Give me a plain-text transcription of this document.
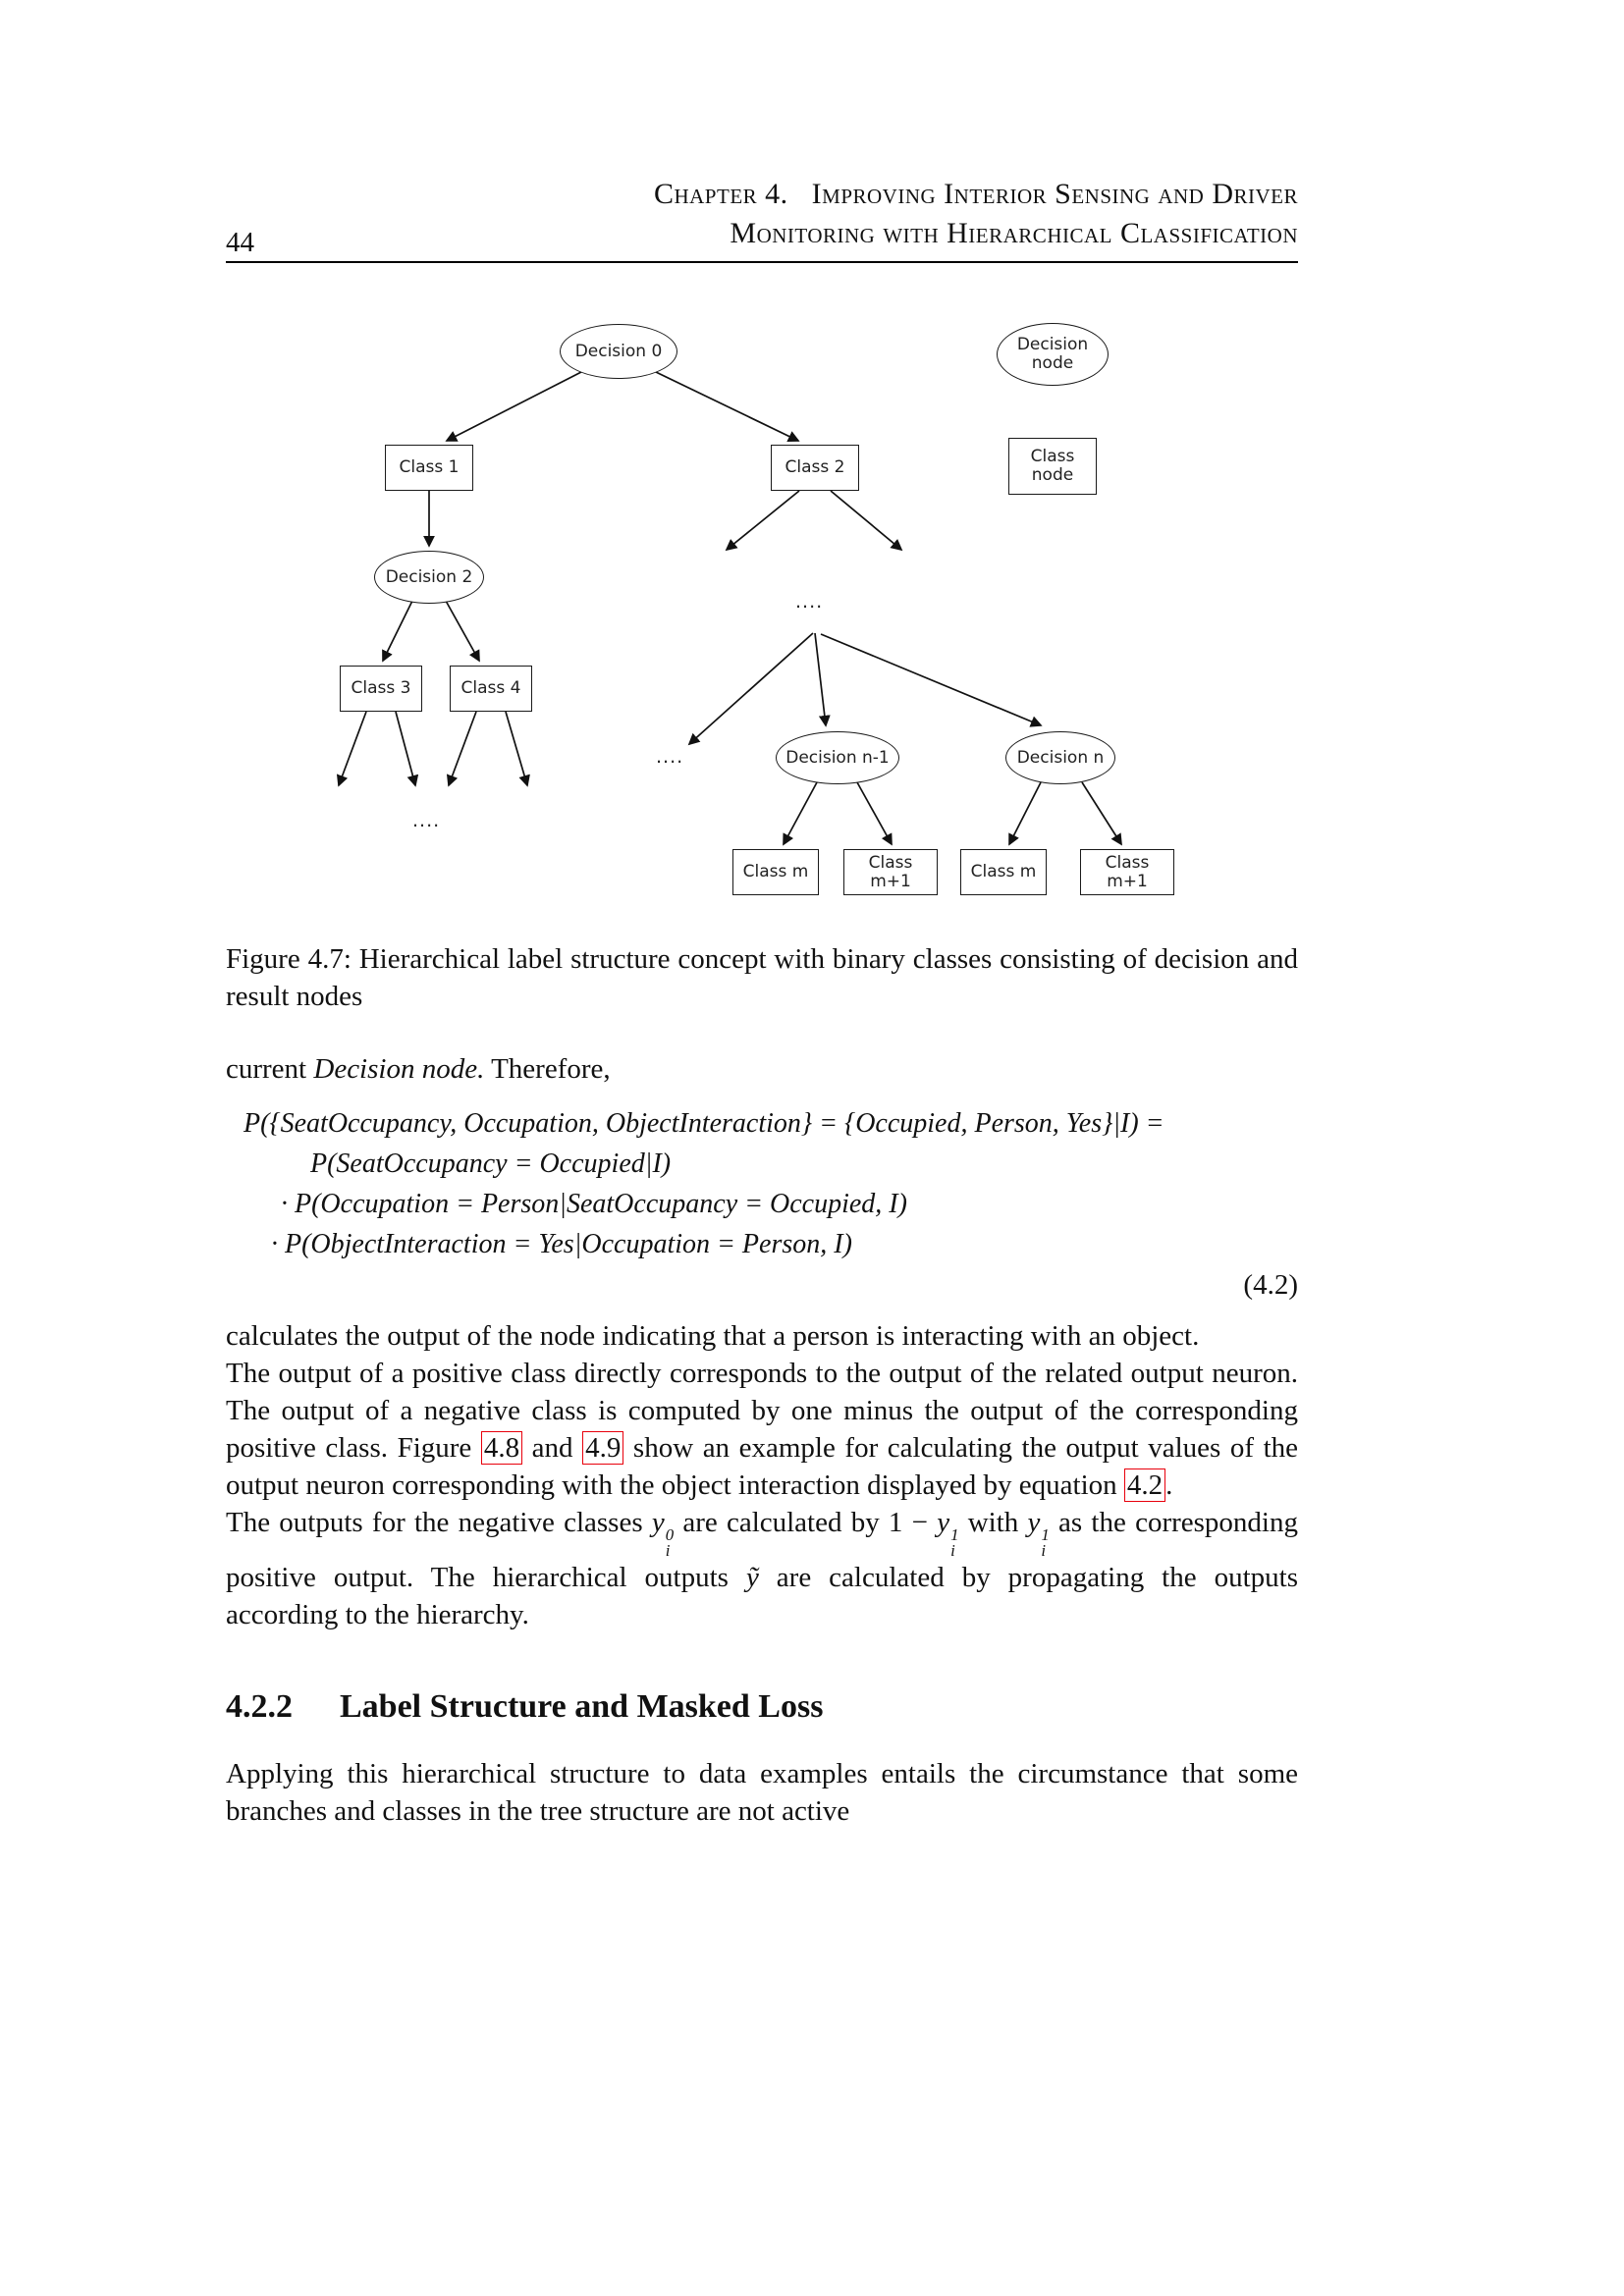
Chapter 4. Improving Interior Sensing and Driver
Monitoring with Hierarchical Classification
44
Decision 0	Decision node
Class 1	Class 2
Class node
Decision 2
Class 3	Class 4
Decision n-1	Decision n
Class m	Class m+1	Class m	Class m+1
....
....
....

Figure 4.7: Hierarchical label structure concept with binary classes consisting of decision and result nodes

current Decision node. Therefore,

P({SeatOccupancy, Occupation, ObjectInteraction} = {Occupied, Person, Yes}|I) =
P(SeatOccupancy = Occupied|I)
· P(Occupation = Person|SeatOccupancy = Occupied, I)
· P(ObjectInteraction = Yes|Occupation = Person, I)
(4.2)

calculates the output of the node indicating that a person is interacting with an object.

The output of a positive class directly corresponds to the output of the related output neuron. The output of a negative class is computed by one minus the output of the corresponding positive class. Figure 4.8 and 4.9 show an example for calculating the output values of the output neuron corresponding with the object interaction displayed by equation 4.2 .

The outputs for the negative classes y 0
i
are calculated by 1 − y 1
i
with y 1
i
as the corresponding positive output. The hierarchical outputs ỹ are calculated by propagating the outputs according to the hierarchy.

4.2.2 Label Structure and Masked Loss

Applying this hierarchical structure to data examples entails the circumstance that some branches and classes in the tree structure are not active
